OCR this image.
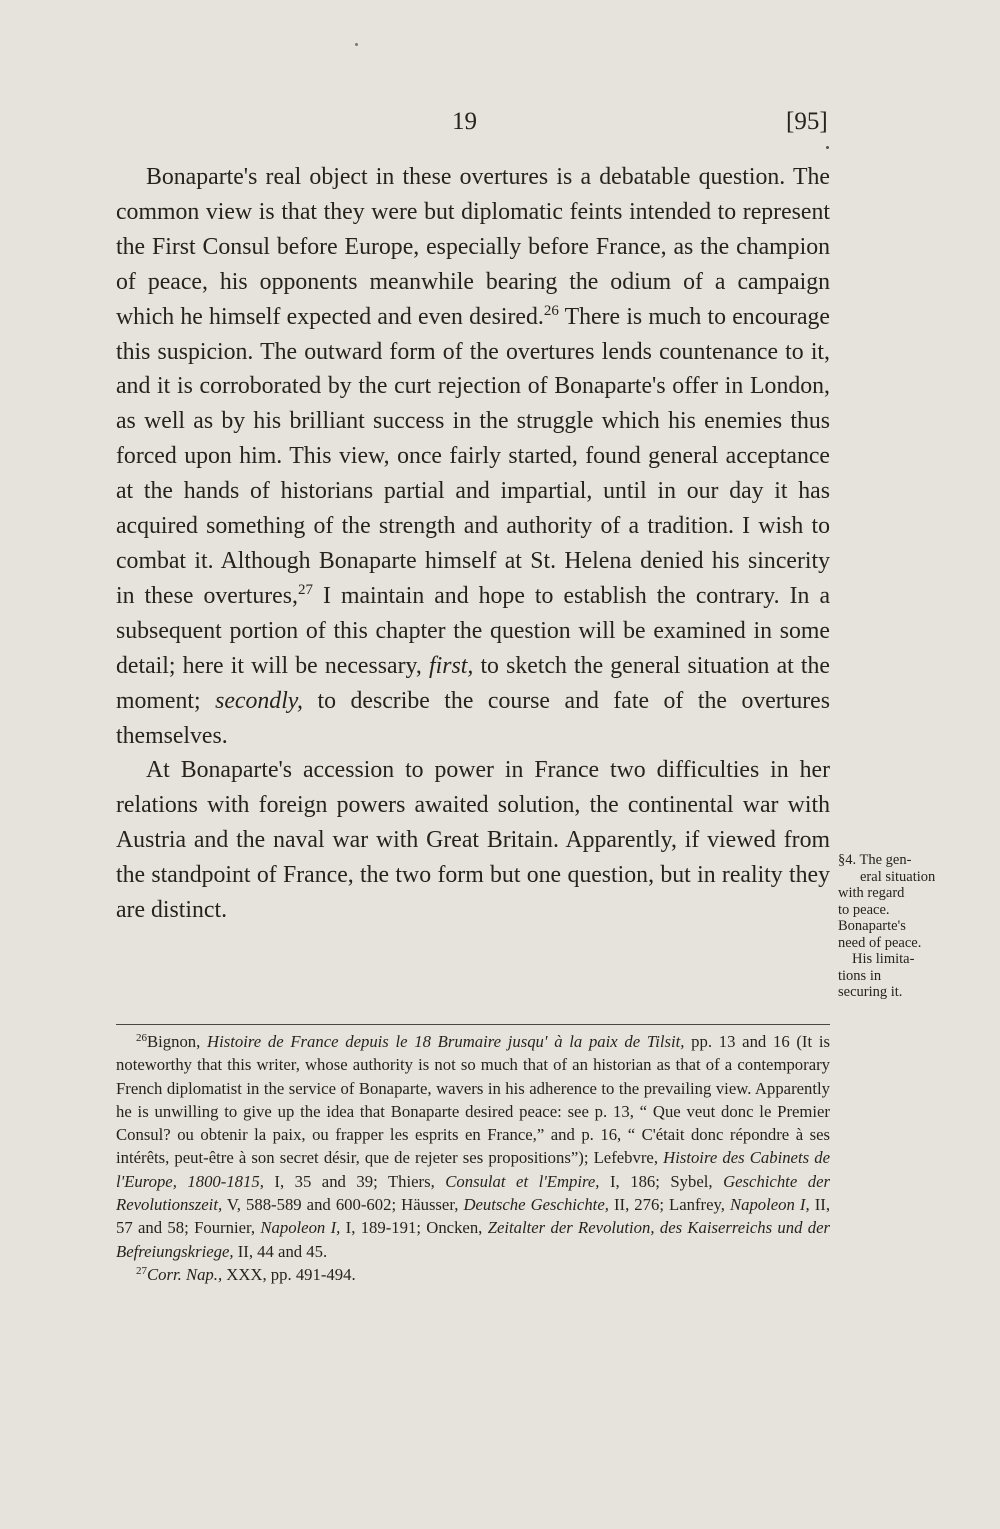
19	[95]

Bonaparte's real object in these overtures is a debatable question. The common view is that they were but diplomatic feints intended to represent the First Consul before Europe, especially before France, as the champion of peace, his opponents meanwhile bearing the odium of a campaign which he himself expected and even desired.$^{26}$ There is much to encourage this suspicion. The outward form of the overtures lends countenance to it, and it is corroborated by the curt rejection of Bonaparte's offer in London, as well as by his brilliant success in the struggle which his enemies thus forced upon him. This view, once fairly started, found general acceptance at the hands of historians partial and impartial, until in our day it has acquired something of the strength and authority of a tradition. I wish to combat it. Although Bonaparte himself at St. Helena denied his sincerity in these overtures,$^{27}$ I maintain and hope to establish the contrary. In a subsequent portion of this chapter the question will be examined in some detail; here it will be necessary, first, to sketch the general situation at the moment; secondly, to describe the course and fate of the overtures themselves.

At Bonaparte's accession to power in France two difficulties in her relations with foreign powers awaited solution, the continental war with Austria and the naval war with Great Britain. Apparently, if viewed from the standpoint of France, the two form but one question, but in reality they are distinct.

§4. The gen-
eral situation
with regard
to peace.
Bonaparte's
need of peace.
His limita-
tions in
securing it.

$^{26}$Bignon, Histoire de France depuis le 18 Brumaire jusqu' à la paix de Tilsit, pp. 13 and 16 (It is noteworthy that this writer, whose authority is not so much that of an historian as that of a contemporary French diplomatist in the service of Bonaparte, wavers in his adherence to the prevailing view. Apparently he is unwilling to give up the idea that Bonaparte desired peace: see p. 13, “ Que veut donc le Premier Consul? ou obtenir la paix, ou frapper les esprits en France,” and p. 16, “ C'était donc répondre à ses intérêts, peut-être à son secret désir, que de rejeter ses propositions”); Lefebvre, Histoire des Cabinets de l'Europe, 1800-1815, I, 35 and 39; Thiers, Consulat et l'Empire, I, 186; Sybel, Geschichte der Revolutionszeit, V, 588-589 and 600-602; Häusser, Deutsche Geschichte, II, 276; Lanfrey, Napoleon I, II, 57 and 58; Fournier, Napoleon I, I, 189-191; Oncken, Zeitalter der Revolution, des Kaiserreichs und der Befreiungskriege, II, 44 and 45.

$^{27}$Corr. Nap., XXX, pp. 491-494.
